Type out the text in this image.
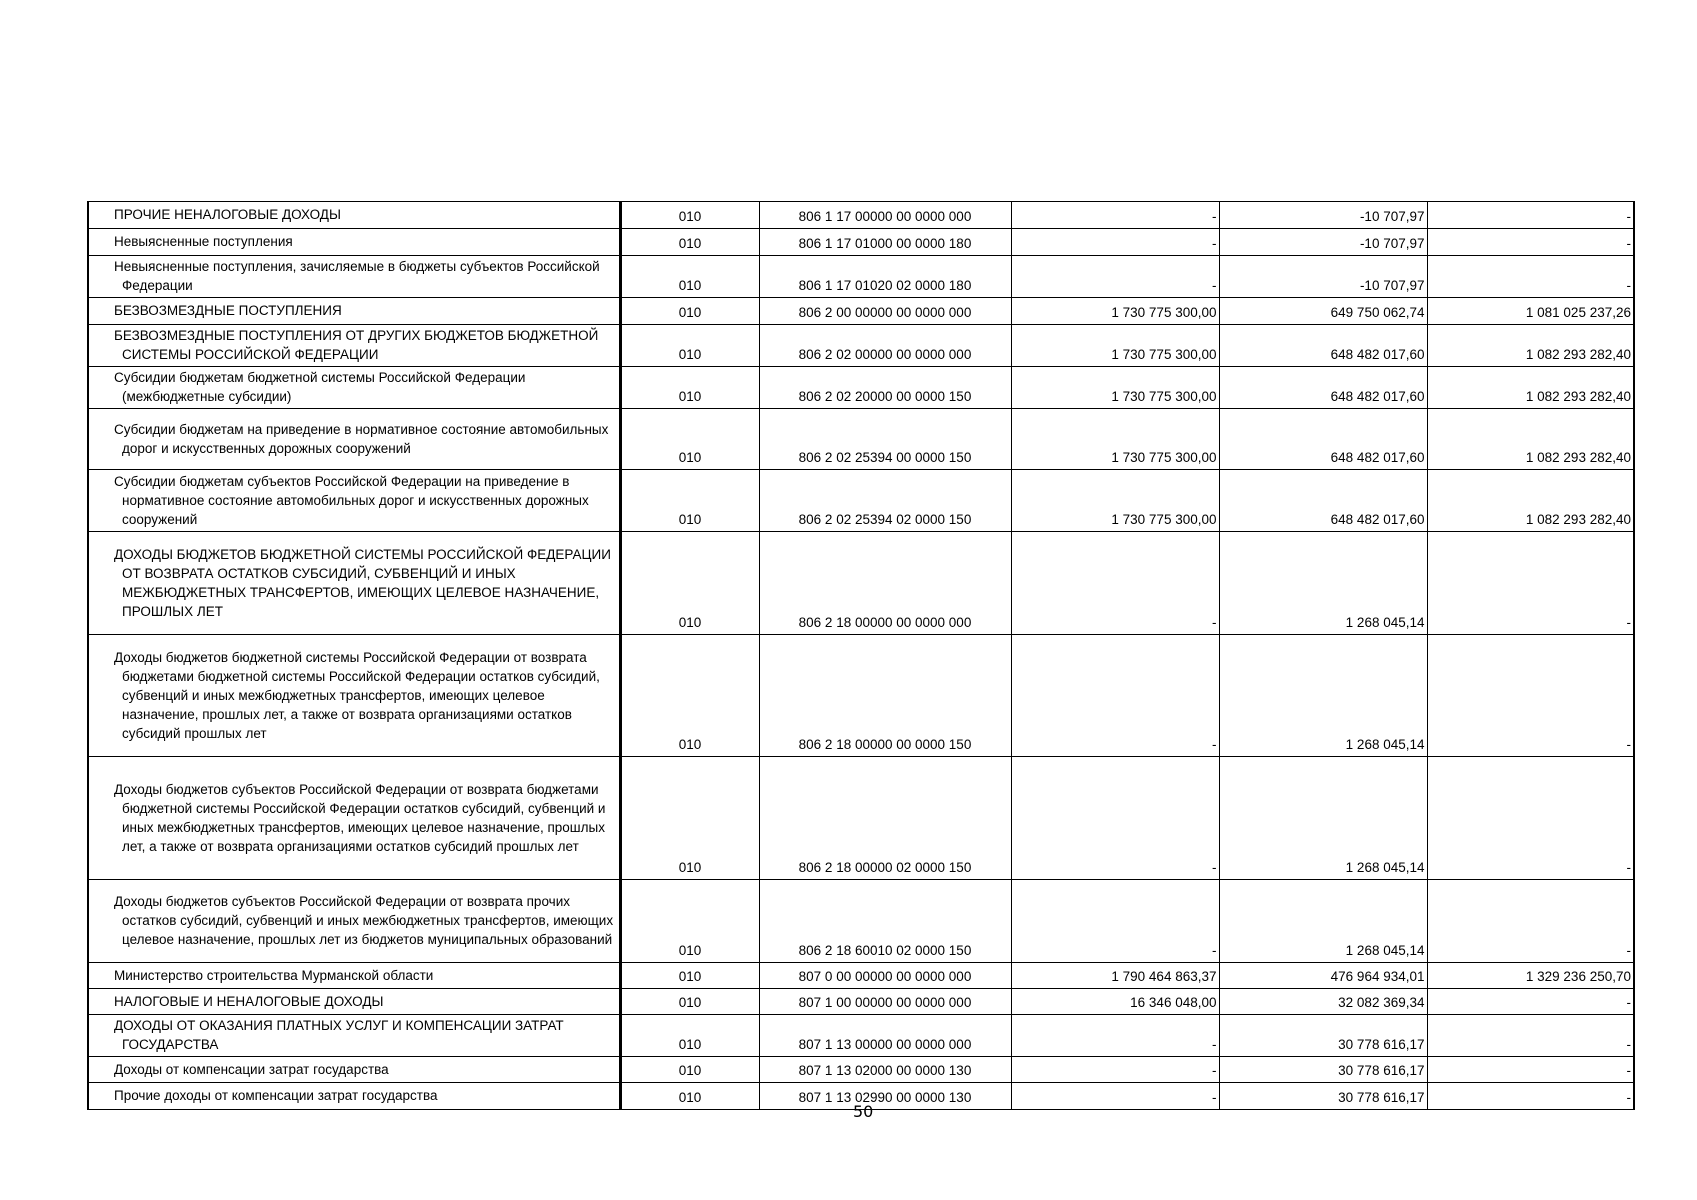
ПРОЧИЕ НЕНАЛОГОВЫЕ ДОХОДЫ	010	806 1 17 00000 00 0000 000	-	-10 707,97	-
Невыясненные поступления	010	806 1 17 01000 00 0000 180	-	-10 707,97	-
Невыясненные поступления, зачисляемые в бюджеты субъектов Российской Федерации	010	806 1 17 01020 02 0000 180	-	-10 707,97	-
БЕЗВОЗМЕЗДНЫЕ ПОСТУПЛЕНИЯ	010	806 2 00 00000 00 0000 000	1 730 775 300,00	649 750 062,74	1 081 025 237,26
БЕЗВОЗМЕЗДНЫЕ ПОСТУПЛЕНИЯ ОТ ДРУГИХ БЮДЖЕТОВ БЮДЖЕТНОЙ СИСТЕМЫ РОССИЙСКОЙ ФЕДЕРАЦИИ	010	806 2 02 00000 00 0000 000	1 730 775 300,00	648 482 017,60	1 082 293 282,40
Субсидии бюджетам бюджетной системы Российской Федерации (межбюджетные субсидии)	010	806 2 02 20000 00 0000 150	1 730 775 300,00	648 482 017,60	1 082 293 282,40
Субсидии бюджетам на приведение в нормативное состояние автомобильных дорог и искусственных дорожных сооружений	010	806 2 02 25394 00 0000 150	1 730 775 300,00	648 482 017,60	1 082 293 282,40
Субсидии бюджетам субъектов Российской Федерации на приведение в нормативное состояние автомобильных дорог и искусственных дорожных сооружений	010	806 2 02 25394 02 0000 150	1 730 775 300,00	648 482 017,60	1 082 293 282,40
ДОХОДЫ БЮДЖЕТОВ БЮДЖЕТНОЙ СИСТЕМЫ РОССИЙСКОЙ ФЕДЕРАЦИИ ОТ ВОЗВРАТА ОСТАТКОВ СУБСИДИЙ, СУБВЕНЦИЙ И ИНЫХ МЕЖБЮДЖЕТНЫХ ТРАНСФЕРТОВ, ИМЕЮЩИХ ЦЕЛЕВОЕ НАЗНАЧЕНИЕ, ПРОШЛЫХ ЛЕТ	010	806 2 18 00000 00 0000 000	-	1 268 045,14	-
Доходы бюджетов бюджетной системы Российской Федерации от возврата бюджетами бюджетной системы Российской Федерации остатков субсидий, субвенций и иных межбюджетных трансфертов, имеющих целевое назначение, прошлых лет, а также от возврата организациями остатков субсидий прошлых лет	010	806 2 18 00000 00 0000 150	-	1 268 045,14	-
Доходы бюджетов субъектов Российской Федерации от возврата бюджетами бюджетной системы Российской Федерации остатков субсидий, субвенций и иных межбюджетных трансфертов, имеющих целевое назначение, прошлых лет, а также от возврата организациями остатков субсидий прошлых лет	010	806 2 18 00000 02 0000 150	-	1 268 045,14	-
Доходы бюджетов субъектов Российской Федерации от возврата прочих остатков субсидий, субвенций и иных межбюджетных трансфертов, имеющих целевое назначение, прошлых лет из бюджетов муниципальных образований	010	806 2 18 60010 02 0000 150	-	1 268 045,14	-
Министерство строительства Мурманской области	010	807 0 00 00000 00 0000 000	1 790 464 863,37	476 964 934,01	1 329 236 250,70
НАЛОГОВЫЕ И НЕНАЛОГОВЫЕ ДОХОДЫ	010	807 1 00 00000 00 0000 000	16 346 048,00	32 082 369,34	-
ДОХОДЫ ОТ ОКАЗАНИЯ ПЛАТНЫХ УСЛУГ И КОМПЕНСАЦИИ ЗАТРАТ ГОСУДАРСТВА	010	807 1 13 00000 00 0000 000	-	30 778 616,17	-
Доходы от компенсации затрат государства	010	807 1 13 02000 00 0000 130	-	30 778 616,17	-
Прочие доходы от компенсации затрат государства	010	807 1 13 02990 00 0000 130	-	30 778 616,17	-
50
